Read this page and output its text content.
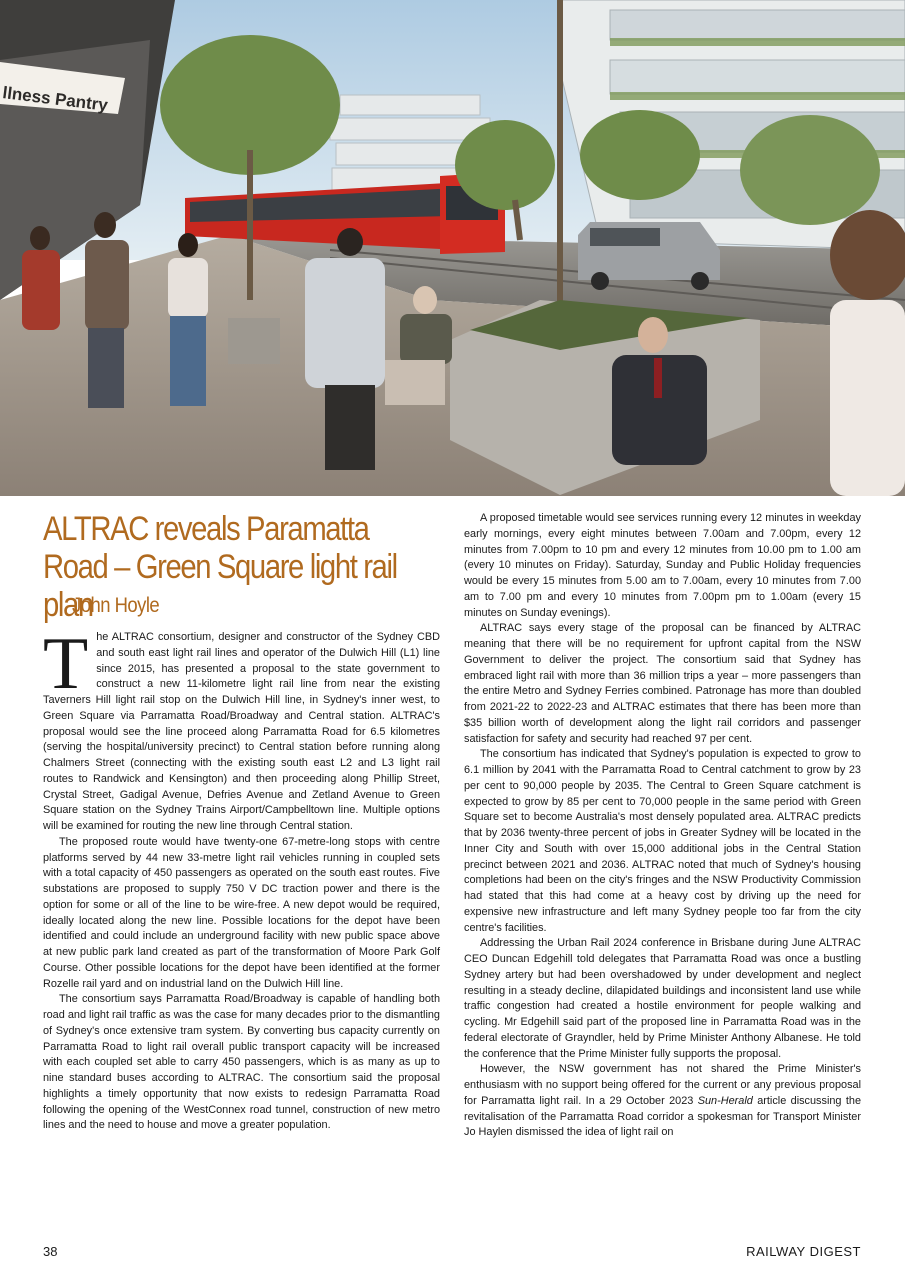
llness Pantry
ALTRAC reveals Paramatta Road – Green Square light rail plan

John Hoyle

The ALTRAC consortium, designer and constructor of the Sydney CBD and south east light rail lines and operator of the Dulwich Hill (L1) line since 2015, has presented a proposal to the state government to construct a new 11-kilometre light rail line from near the existing Taverners Hill light rail stop on the Dulwich Hill line, in Sydney's inner west, to Green Square via Parramatta Road/Broadway and Central station. ALTRAC's proposal would see the line proceed along Parramatta Road for 6.5 kilometres (serving the hospital/university precinct) to Central station before running along Chalmers Street (connecting with the existing south east L2 and L3 light rail routes to Randwick and Kensington) and then proceeding along Phillip Street, Crystal Street, Gadigal Avenue, Defries Avenue and Zetland Avenue to Green Square station on the Sydney Trains Airport/Campbelltown line. Multiple options will be examined for routing the new line through Central station.

The proposed route would have twenty-one 67-metre-long stops with centre platforms served by 44 new 33-metre light rail vehicles running in coupled sets with a total capacity of 450 passengers as operated on the south east routes. Five substations are proposed to supply 750 V DC traction power and there is the option for some or all of the line to be wire-free. A new depot would be required, ideally located along the new line. Possible locations for the depot have been identified and could include an underground facility with new public space above at new public park land created as part of the transformation of Moore Park Golf Course. Other possible locations for the depot have been identified at the former Rozelle rail yard and on industrial land on the Dulwich Hill line.

The consortium says Parramatta Road/Broadway is capable of handling both road and light rail traffic as was the case for many decades prior to the dismantling of Sydney's once extensive tram system. By converting bus capacity currently on Parramatta Road to light rail overall public transport capacity will be increased with each coupled set able to carry 450 passengers, which is as many as up to nine standard buses according to ALTRAC. The consortium said the proposal highlights a timely opportunity that now exists to redesign Parramatta Road following the opening of the WestConnex road tunnel, construction of new metro lines and the need to house and move a greater population.

A proposed timetable would see services running every 12 minutes in weekday early mornings, every eight minutes between 7.00am and 7.00pm, every 12 minutes from 7.00pm to 10 pm and every 12 minutes from 10.00 pm to 1.00 am (every 10 minutes on Friday). Saturday, Sunday and Public Holiday frequencies would be every 15 minutes from 5.00 am to 7.00am, every 10 minutes from 7.00 am to 7.00 pm and every 10 minutes from 7.00pm pm to 1.00am (every 15 minutes on Sunday evenings).

ALTRAC says every stage of the proposal can be financed by ALTRAC meaning that there will be no requirement for upfront capital from the NSW Government to deliver the project. The consortium said that Sydney has embraced light rail with more than 36 million trips a year – more passengers than the entire Metro and Sydney Ferries combined. Patronage has more than doubled from 2021-22 to 2022-23 and ALTRAC estimates that there has been more than $35 billion worth of development along the light rail corridors and passenger satisfaction for safety and security had reached 97 per cent.

The consortium has indicated that Sydney's population is expected to grow to 6.1 million by 2041 with the Parramatta Road to Central catchment to grow by 23 per cent to 90,000 people by 2035. The Central to Green Square catchment is expected to grow by 85 per cent to 70,000 people in the same period with Green Square set to become Australia's most densely populated area. ALTRAC predicts that by 2036 twenty-three percent of jobs in Greater Sydney will be located in the Inner City and South with over 15,000 additional jobs in the Central Station precinct between 2021 and 2036. ALTRAC noted that much of Sydney's housing completions had been on the city's fringes and the NSW Productivity Commission had stated that this had come at a heavy cost by driving up the need for expensive new infrastructure and left many Sydney people too far from the city centre's facilities.

Addressing the Urban Rail 2024 conference in Brisbane during June ALTRAC CEO Duncan Edgehill told delegates that Parramatta Road was once a bustling Sydney artery but had been overshadowed by under development and neglect resulting in a steady decline, dilapidated buildings and inconsistent land use while traffic congestion had created a hostile environment for people walking and cycling. Mr Edgehill said part of the proposed line in Parramatta Road was in the federal electorate of Grayndler, held by Prime Minister Anthony Albanese. He told the conference that the Prime Minister fully supports the proposal.

However, the NSW government has not shared the Prime Minister's enthusiasm with no support being offered for the current or any previous proposal for Parramatta light rail. In a 29 October 2023 Sun-Herald article discussing the revitalisation of the Parramatta Road corridor a spokesman for Transport Minister Jo Haylen dismissed the idea of light rail on

38	RAILWAY DIGEST
